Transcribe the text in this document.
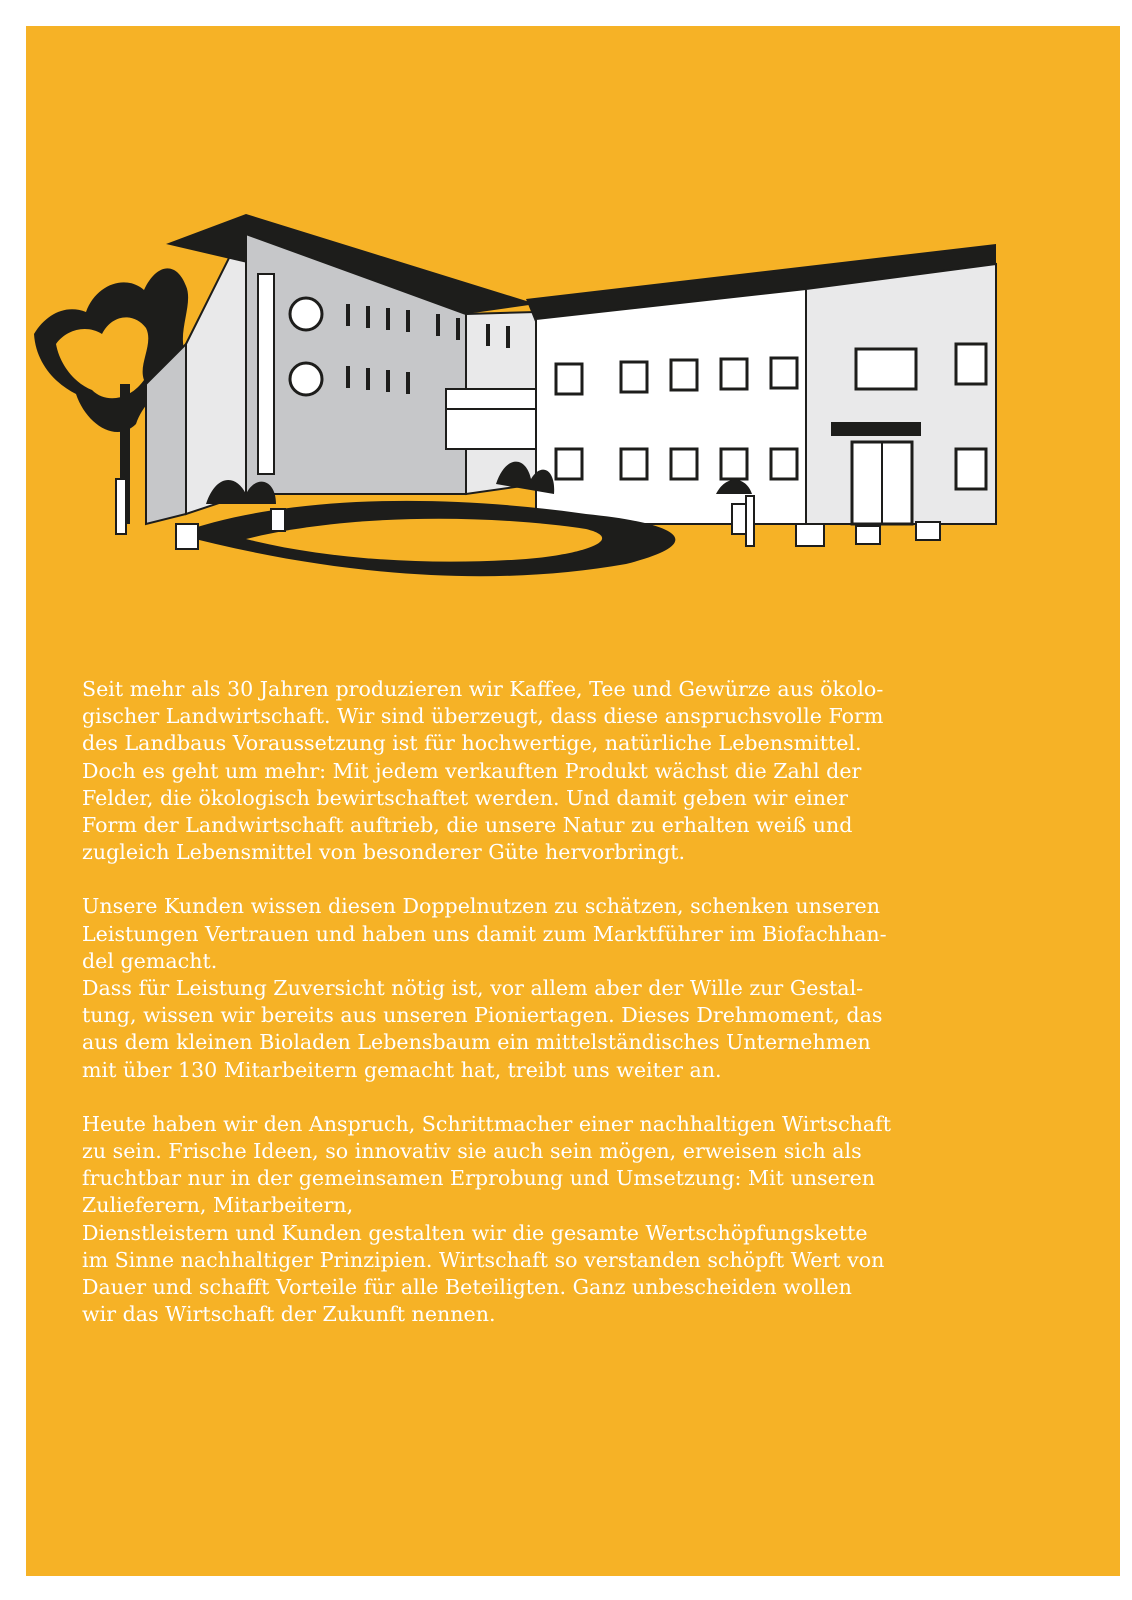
Seit mehr als 30 Jahren produzieren wir Kaffee, Tee und Gewürze aus ökolo-
gischer Landwirtschaft. Wir sind überzeugt, dass diese anspruchsvolle Form
des Landbaus Voraussetzung ist für hochwertige, natürliche Lebensmittel.
Doch es geht um mehr: Mit jedem verkauften Produkt wächst die Zahl der
Felder, die ökologisch bewirtschaftet werden. Und damit geben wir einer
Form der Landwirtschaft auftrieb, die unsere Natur zu erhalten weiß und
zugleich Lebensmittel von besonderer Güte hervorbringt.

Unsere Kunden wissen diesen Doppelnutzen zu schätzen, schenken unseren
Leistungen Vertrauen und haben uns damit zum Marktführer im Biofachhan-
del gemacht.
Dass für Leistung Zuversicht nötig ist, vor allem aber der Wille zur Gestal-
tung, wissen wir bereits aus unseren Pioniertagen. Dieses Drehmoment, das
aus dem kleinen Bioladen Lebensbaum ein mittelständisches Unternehmen
mit über 130 Mitarbeitern gemacht hat, treibt uns weiter an.

Heute haben wir den Anspruch, Schrittmacher einer nachhaltigen Wirtschaft
zu sein. Frische Ideen, so innovativ sie auch sein mögen, erweisen sich als
fruchtbar nur in der gemeinsamen Erprobung und Umsetzung: Mit unseren
Zulieferern, Mitarbeitern,
Dienstleistern und Kunden gestalten wir die gesamte Wertschöpfungskette
im Sinne nachhaltiger Prinzipien. Wirtschaft so verstanden schöpft Wert von
Dauer und schafft Vorteile für alle Beteiligten. Ganz unbescheiden wollen
wir das Wirtschaft der Zukunft nennen.
